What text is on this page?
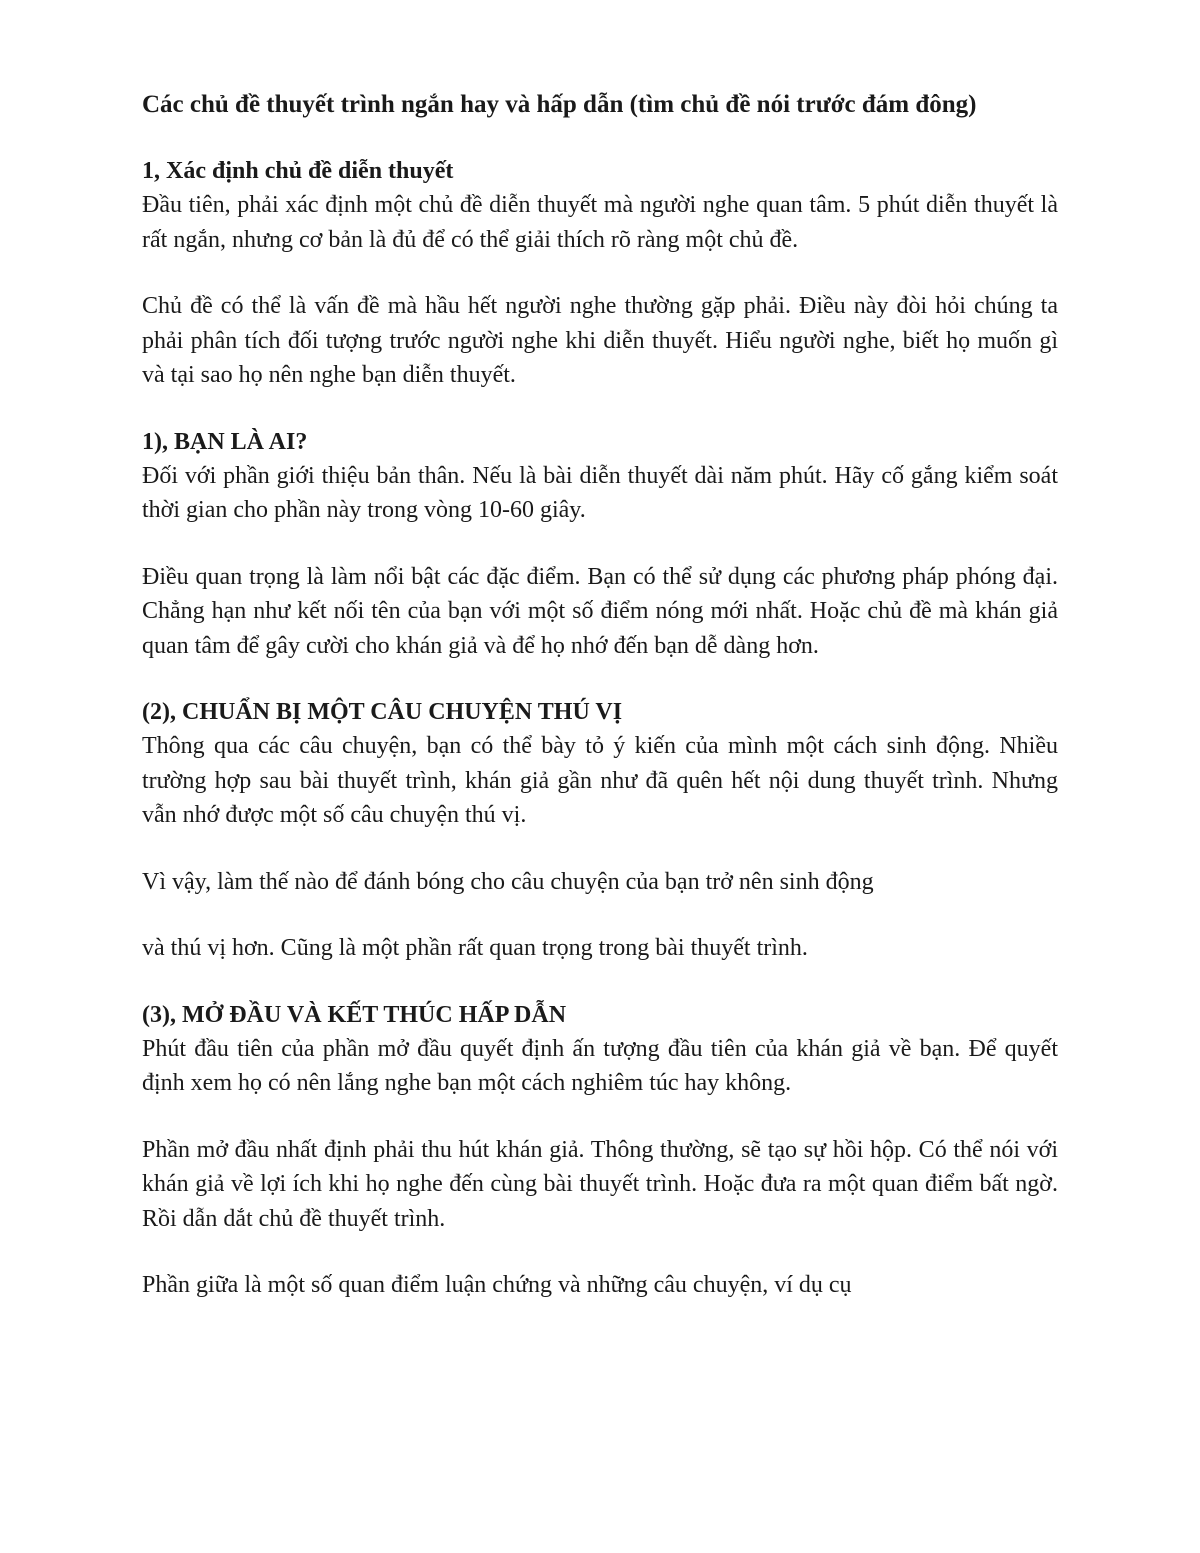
Các chủ đề thuyết trình ngắn hay và hấp dẫn (tìm chủ đề nói trước đám đông)
1, Xác định chủ đề diễn thuyết

Đầu tiên, phải xác định một chủ đề diễn thuyết mà người nghe quan tâm. 5 phút diễn thuyết là rất ngắn, nhưng cơ bản là đủ để có thể giải thích rõ ràng một chủ đề.

Chủ đề có thể là vấn đề mà hầu hết người nghe thường gặp phải. Điều này đòi hỏi chúng ta phải phân tích đối tượng trước người nghe khi diễn thuyết. Hiểu người nghe, biết họ muốn gì và tại sao họ nên nghe bạn diễn thuyết.

1), BẠN LÀ AI?

Đối với phần giới thiệu bản thân. Nếu là bài diễn thuyết dài năm phút. Hãy cố gắng kiểm soát thời gian cho phần này trong vòng 10-60 giây.

Điều quan trọng là làm nổi bật các đặc điểm. Bạn có thể sử dụng các phương pháp phóng đại. Chẳng hạn như kết nối tên của bạn với một số điểm nóng mới nhất. Hoặc chủ đề mà khán giả quan tâm để gây cười cho khán giả và để họ nhớ đến bạn dễ dàng hơn.

(2), CHUẨN BỊ MỘT CÂU CHUYỆN THÚ VỊ

Thông qua các câu chuyện, bạn có thể bày tỏ ý kiến của mình một cách sinh động. Nhiều trường hợp sau bài thuyết trình, khán giả gần như đã quên hết nội dung thuyết trình. Nhưng vẫn nhớ được một số câu chuyện thú vị.

Vì vậy, làm thế nào để đánh bóng cho câu chuyện của bạn trở nên sinh động

và thú vị hơn. Cũng là một phần rất quan trọng trong bài thuyết trình.

(3), MỞ ĐẦU VÀ KẾT THÚC HẤP DẪN

Phút đầu tiên của phần mở đầu quyết định ấn tượng đầu tiên của khán giả về bạn. Để quyết định xem họ có nên lắng nghe bạn một cách nghiêm túc hay không.

Phần mở đầu nhất định phải thu hút khán giả. Thông thường, sẽ tạo sự hồi hộp. Có thể nói với khán giả về lợi ích khi họ nghe đến cùng bài thuyết trình. Hoặc đưa ra một quan điểm bất ngờ. Rồi dẫn dắt chủ đề thuyết trình.

Phần giữa là một số quan điểm luận chứng và những câu chuyện, ví dụ cụ
